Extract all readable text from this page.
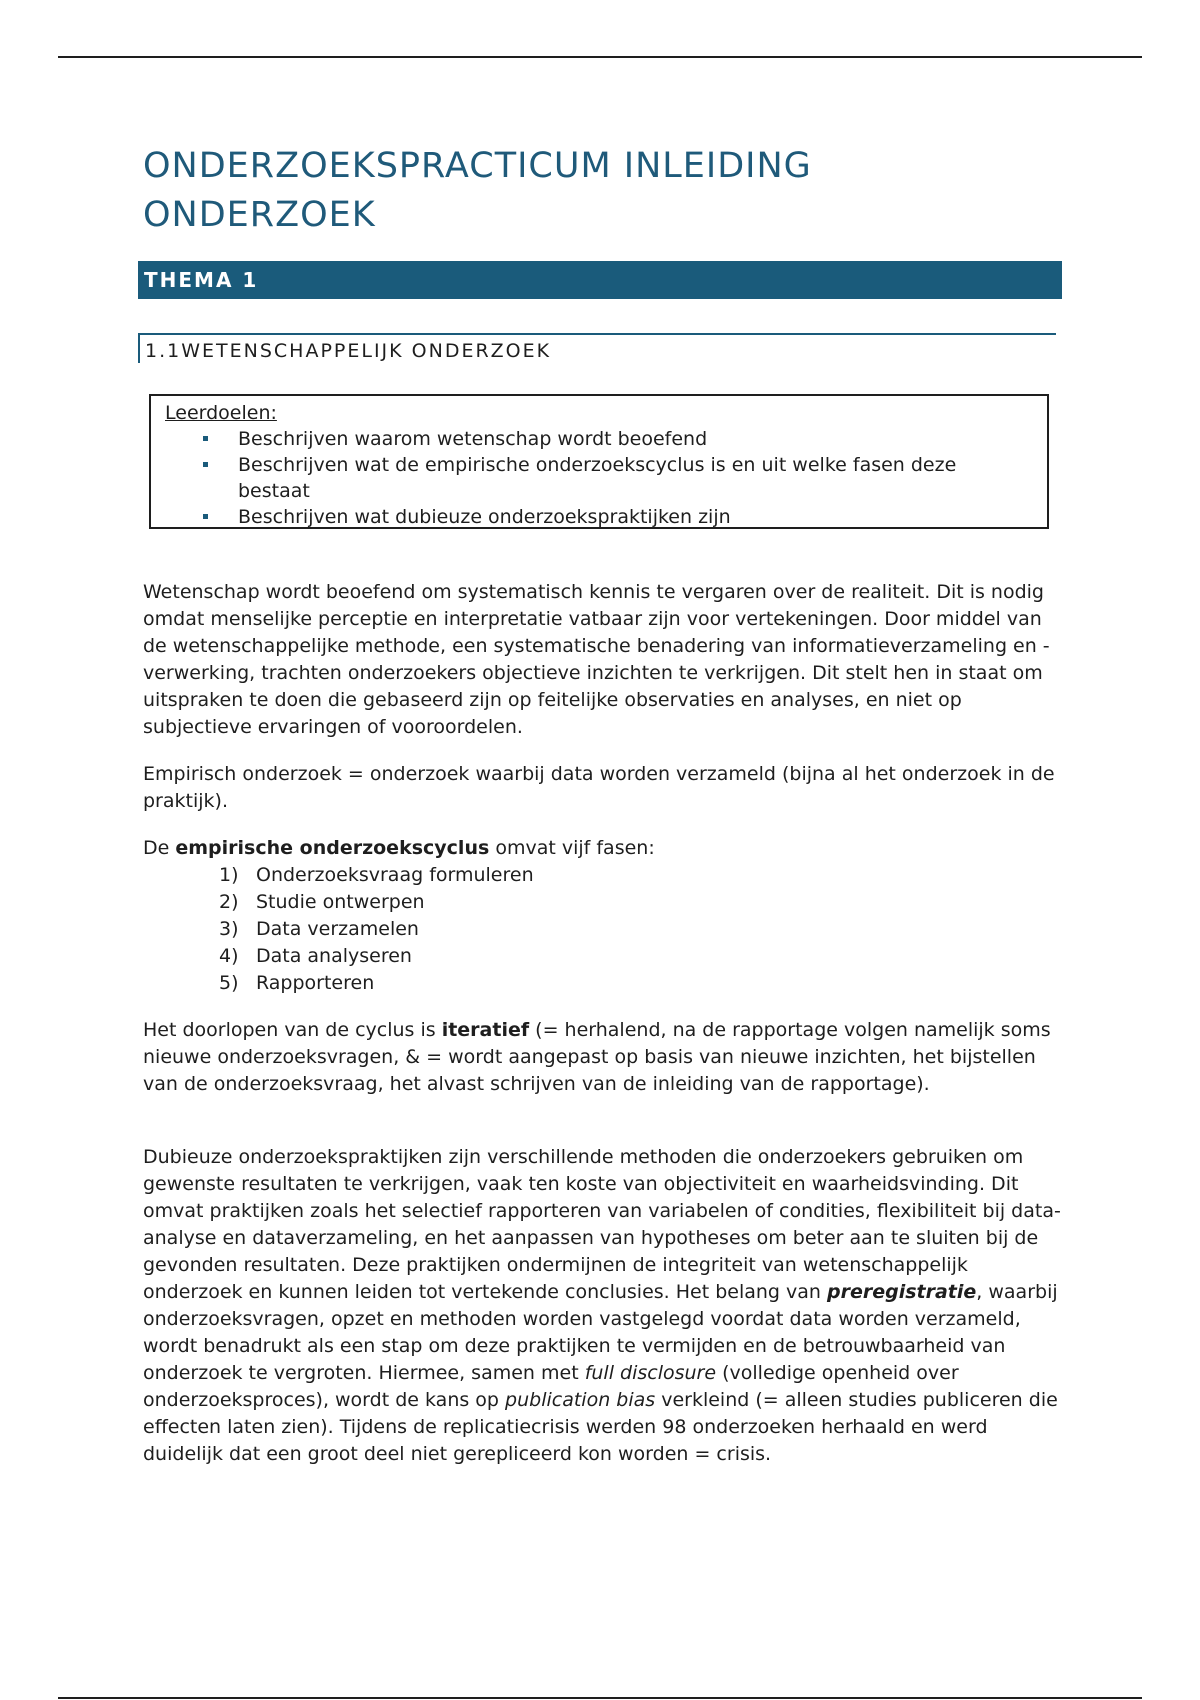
ONDERZOEKSPRACTICUM INLEIDING
ONDERZOEK
THEMA 1
1.1WETENSCHAPPELIJK ONDERZOEK
Leerdoelen:
Beschrijven waarom wetenschap wordt beoefend
Beschrijven wat de empirische onderzoekscyclus is en uit welke fasen deze bestaat
Beschrijven wat dubieuze onderzoekspraktijken zijn

Wetenschap wordt beoefend om systematisch kennis te vergaren over de realiteit. Dit is nodig omdat menselijke perceptie en interpretatie vatbaar zijn voor vertekeningen. Door middel van de wetenschappelijke methode, een systematische benadering van informatieverzameling en -verwerking, trachten onderzoekers objectieve inzichten te verkrijgen. Dit stelt hen in staat om uitspraken te doen die gebaseerd zijn op feitelijke observaties en analyses, en niet op subjectieve ervaringen of vooroordelen.

Empirisch onderzoek = onderzoek waarbij data worden verzameld (bijna al het onderzoek in de praktijk).

De empirische onderzoekscyclus omvat vijf fasen:

1) Onderzoeksvraag formuleren
2) Studie ontwerpen
3) Data verzamelen
4) Data analyseren
5) Rapporteren

Het doorlopen van de cyclus is iteratief (= herhalend, na de rapportage volgen namelijk soms nieuwe onderzoeksvragen, & = wordt aangepast op basis van nieuwe inzichten, het bijstellen van de onderzoeksvraag, het alvast schrijven van de inleiding van de rapportage).

Dubieuze onderzoekspraktijken zijn verschillende methoden die onderzoekers gebruiken om gewenste resultaten te verkrijgen, vaak ten koste van objectiviteit en waarheidsvinding. Dit omvat praktijken zoals het selectief rapporteren van variabelen of condities, flexibiliteit bij data-analyse en dataverzameling, en het aanpassen van hypotheses om beter aan te sluiten bij de gevonden resultaten. Deze praktijken ondermijnen de integriteit van wetenschappelijk onderzoek en kunnen leiden tot vertekende conclusies. Het belang van preregistratie, waarbij onderzoeksvragen, opzet en methoden worden vastgelegd voordat data worden verzameld, wordt benadrukt als een stap om deze praktijken te vermijden en de betrouwbaarheid van onderzoek te vergroten. Hiermee, samen met full disclosure (volledige openheid over onderzoeksproces), wordt de kans op publication bias verkleind (= alleen studies publiceren die effecten laten zien). Tijdens de replicatiecrisis werden 98 onderzoeken herhaald en werd duidelijk dat een groot deel niet gerepliceerd kon worden = crisis.
